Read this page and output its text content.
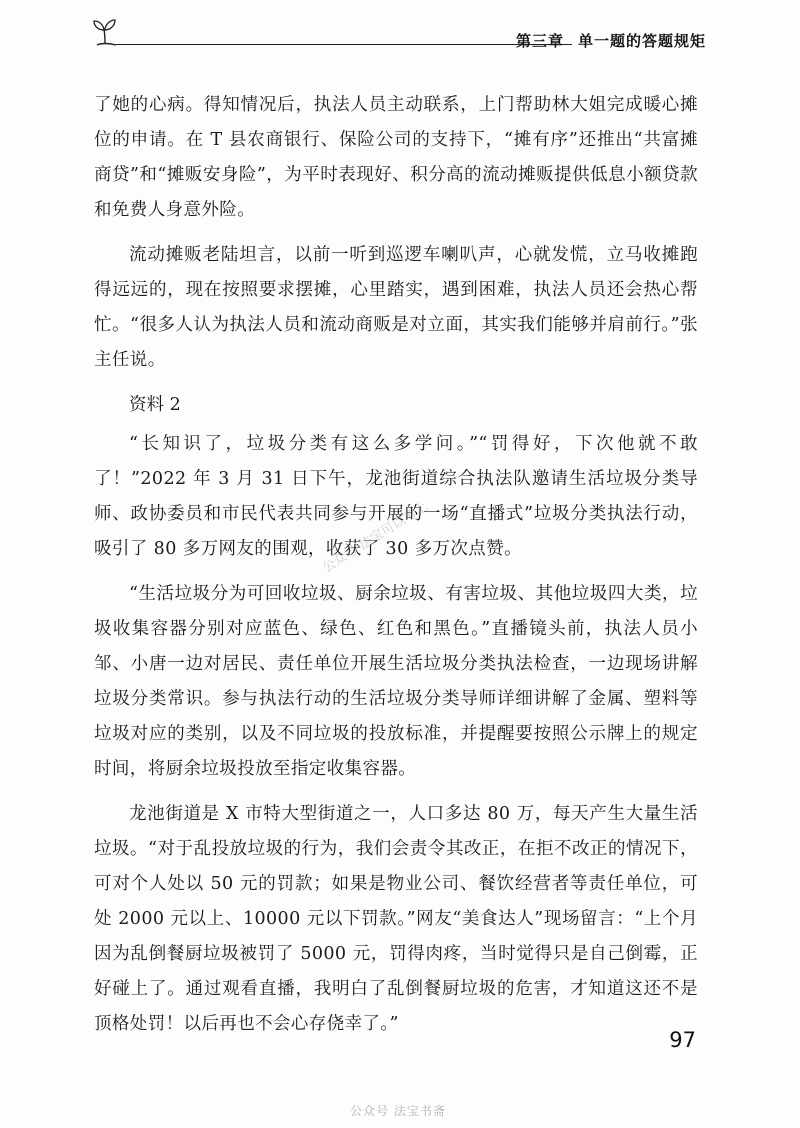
第三章 单一题的答题规矩

了她的心病。得知情况后，执法人员主动联系，上门帮助林大姐完成暖心摊位的申请。在 T 县农商银行、保险公司的支持下，“摊有序”还推出“共富摊商贷”和“摊贩安身险”，为平时表现好、积分高的流动摊贩提供低息小额贷款和免费人身意外险。

流动摊贩老陆坦言，以前一听到巡逻车喇叭声，心就发慌，立马收摊跑得远远的，现在按照要求摆摊，心里踏实，遇到困难，执法人员还会热心帮忙。“很多人认为执法人员和流动商贩是对立面，其实我们能够并肩前行。”张主任说。

资料 2

“长知识了，垃圾分类有这么多学问。”“罚得好，下次他就不敢了！”2022 年 3 月 31 日下午，龙池街道综合执法队邀请生活垃圾分类导师、政协委员和市民代表共同参与开展的一场“直播式”垃圾分类执法行动，吸引了 80 多万网友的围观，收获了 30 多万次点赞。

“生活垃圾分为可回收垃圾、厨余垃圾、有害垃圾、其他垃圾四大类，垃圾收集容器分别对应蓝色、绿色、红色和黑色。”直播镜头前，执法人员小邹、小唐一边对居民、责任单位开展生活垃圾分类执法检查，一边现场讲解垃圾分类常识。参与执法行动的生活垃圾分类导师详细讲解了金属、塑料等垃圾对应的类别，以及不同垃圾的投放标准，并提醒要按照公示牌上的规定时间，将厨余垃圾投放至指定收集容器。

龙池街道是 X 市特大型街道之一，人口多达 80 万，每天产生大量生活垃圾。“对于乱投放垃圾的行为，我们会责令其改正，在拒不改正的情况下，可对个人处以 50 元的罚款；如果是物业公司、餐饮经营者等责任单位，可处 2000 元以上、10000 元以下罚款。”网友“美食达人”现场留言：“上个月因为乱倒餐厨垃圾被罚了 5000 元，罚得肉疼，当时觉得只是自己倒霉，正好碰上了。通过观看直播，我明白了乱倒餐厨垃圾的危害，才知道这还不是顶格处罚！以后再也不会心存侥幸了。”

公众号 法宝可以考上
97
公众号 法宝书斋
